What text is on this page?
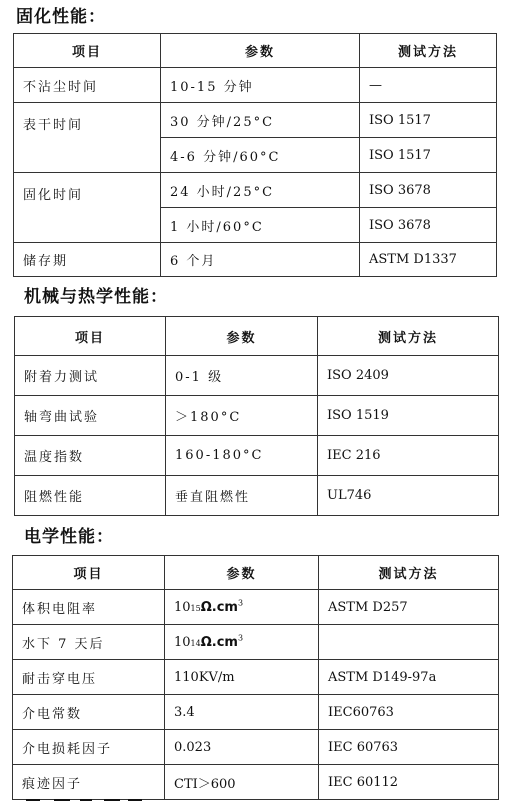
固化性能：
项目	参数	测试方法
不沾尘时间	10-15 分钟	—
表干时间	30 分钟/25°C	ISO 1517
	4-6 分钟/60°C	ISO 1517
固化时间	24 小时/25°C	ISO 3678
	1 小时/60°C	ISO 3678
储存期	6 个月	ASTM D1337
机械与热学性能：
项目	参数	测试方法
附着力测试	0-1 级	ISO 2409
轴弯曲试验	＞180°C	ISO 1519
温度指数	160-180°C	IEC 216
阻燃性能	垂直阻燃性	UL746
电学性能：
项目	参数	测试方法
体积电阻率	$1015\Omega.cm^3$	ASTM D257
水下 7 天后	$1014\Omega.cm^3$	
耐击穿电压	110KV/m	ASTM D149-97a
介电常数	3.4	IEC60763
介电损耗因子	0.023	IEC 60763
痕迹因子	CTI＞600	IEC 60112
